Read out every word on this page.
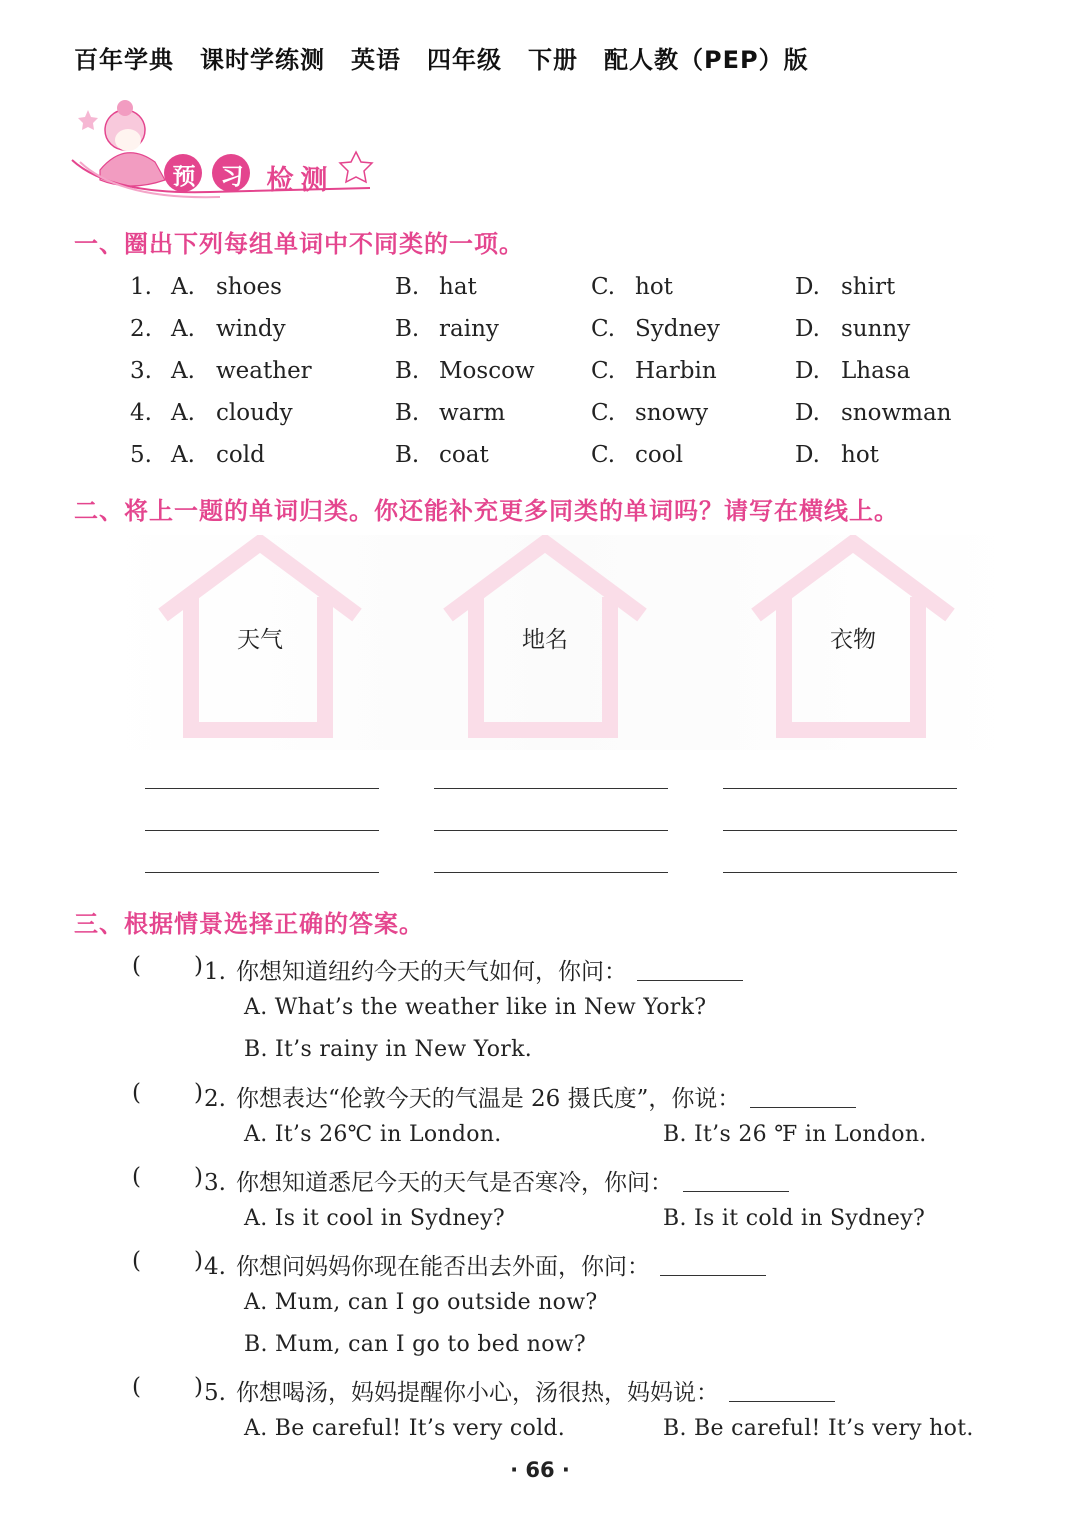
百年学典 课时学练测 英语 四年级 下册 配人教（PEP）版
预 习 检 测
一、圈出下列每组单词中不同类的一项。
1. A. shoes	B. hat	C. hot	D. shirt
2. A. windy	B. rainy	C. Sydney	D. sunny
3. A. weather	B. Moscow C. Harbin	D. Lhasa
4. A. cloudy	B. warm	C. snowy	D. snowman
5. A. cold	B. coat	C. cool	D. hot
二、将上一题的单词归类。你还能补充更多同类的单词吗？请写在横线上。
天气	地名	衣物
三、根据情景选择正确的答案。
( ) 1. 你想知道纽约今天的天气如何，你问：
A. What’s the weather like in New York?
B. It’s rainy in New York.
( ) 2. 你想表达“伦敦今天的气温是 26 摄氏度”，你说：
A. It’s 26℃ in London.	B. It’s 26 ℉ in London.
( ) 3. 你想知道悉尼今天的天气是否寒冷，你问：
A. Is it cool in Sydney?	B. Is it cold in Sydney?
( ) 4. 你想问妈妈你现在能否出去外面，你问：
A. Mum, can I go outside now?
B. Mum, can I go to bed now?
( ) 5. 你想喝汤，妈妈提醒你小心，汤很热，妈妈说：
A. Be careful! It’s very cold.	B. Be careful! It’s very hot.
· 66 ·
